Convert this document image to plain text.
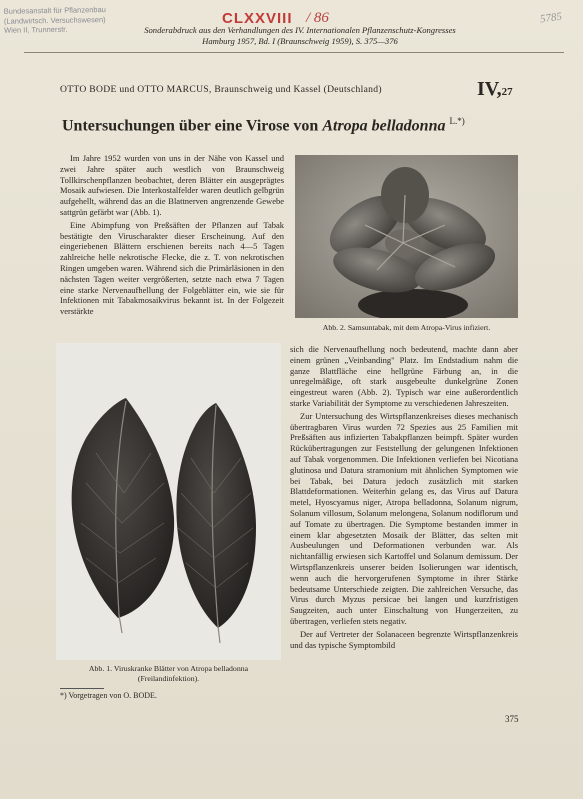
Bundesanstalt für Pflanzenbau
(Landwirtsch. Versuchswesen)
Wien II, Trunnerstr.
CLXXVIII / 86	5785
Sonderabdruck aus den Verhandlungen des IV. Internationalen Pflanzenschutz-Kongresses
Hamburg 1957, Bd. I (Braunschweig 1959), S. 375—376
OTTO BODE und OTTO MARCUS, Braunschweig und Kassel (Deutschland)	IV,27
Untersuchungen über eine Virose von Atropa belladonna $^{L.*)}$

Im Jahre 1952 wurden von uns in der Nähe von Kassel und zwei Jahre später auch westlich von Braunschweig Tollkirschenpflanzen beobachtet, deren Blätter ein ausgeprägtes Mosaik aufwiesen. Die Interkostalfelder waren deutlich gelbgrün aufgehellt, während das an die Blattnerven angrenzende Gewebe sattgrün gefärbt war (Abb. 1).

Eine Abimpfung von Preßsäften der Pflanzen auf Tabak bestätigte den Viruscharakter dieser Erscheinung. Auf den eingeriebenen Blättern erschienen bereits nach 4—5 Tagen zahlreiche helle nekrotische Flecke, die z. T. von nekrotischen Ringen umgeben waren. Während sich die Primärläsionen in den nächsten Tagen weiter vergrößerten, setzte nach etwa 7 Tagen eine starke Nervenaufhellung der Folgeblätter ein, wie sie für Infektionen mit Tabakmosaikvirus bekannt ist. In der Folgezeit verstärkte

Abb. 2. Samsuntabak, mit dem Atropa-Virus infiziert.
Abb. 1. Viruskranke Blätter von Atropa belladonna
(Freilandinfektion).

sich die Nervenaufhellung noch bedeutend, machte dann aber einem grünen „Veinbanding" Platz. Im Endstadium nahm die ganze Blattfläche eine hellgrüne Färbung an, in die unregelmäßige, oft stark ausgebeulte dunkelgrüne Zonen eingestreut waren (Abb. 2). Typisch war eine außerordentlich starke Variabilität der Symptome zu verschiedenen Jahreszeiten.

Zur Untersuchung des Wirtspflanzenkreises dieses mechanisch übertragbaren Virus wurden 72 Spezies aus 25 Familien mit Preßsäften aus infizierten Tabakpflanzen beimpft. Später wurden Rückübertragungen zur Feststellung der gelungenen Infektionen auf Tabak vorgenommen. Die Infektionen verliefen bei Nicotiana glutinosa und Datura stramonium mit ähnlichen Symptomen wie bei Tabak, bei Datura jedoch zusätzlich mit starken Blattdeformationen. Weiterhin gelang es, das Virus auf Datura metel, Hyoscyamus niger, Atropa belladonna, Solanum nigrum, Solanum villosum, Solanum melongena, Solanum nodiflorum und auf Tomate zu übertragen. Die Symptome bestanden immer in einem klar abgesetzten Mosaik der Blätter, das selten mit Ausbeulungen und Deformationen verbunden war. Als nichtanfällig erwiesen sich Kartoffel und Solanum demissum. Der Wirtspflanzenkreis unserer beiden Isolierungen war identisch, wenn auch die hervorgerufenen Symptome in ihrer Stärke bedeutsame Unterschiede zeigten. Die zahlreichen Versuche, das Virus durch Myzus persicae bei langen und kurzfristigen Saugzeiten, auch unter Einschaltung von Hungerzeiten, zu übertragen, verliefen stets negativ.

Der auf Vertreter der Solanaceen begrenzte Wirtspflanzenkreis und das typische Symptombild

*) Vorgetragen von O. BODE.
375
